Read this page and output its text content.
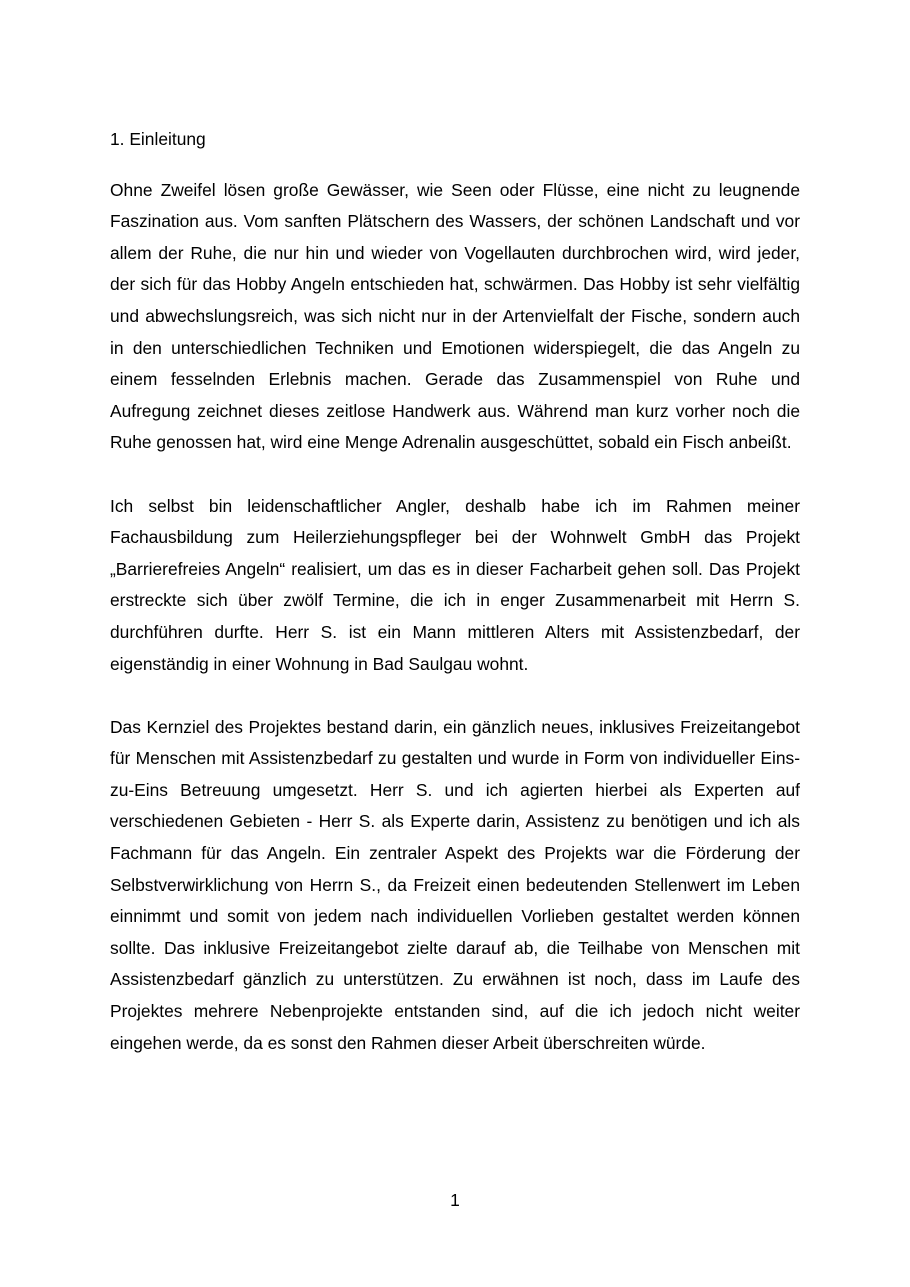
1. Einleitung

Ohne Zweifel lösen große Gewässer, wie Seen oder Flüsse, eine nicht zu leugnende Faszination aus. Vom sanften Plätschern des Wassers, der schönen Landschaft und vor allem der Ruhe, die nur hin und wieder von Vogellauten durchbrochen wird, wird jeder, der sich für das Hobby Angeln entschieden hat, schwärmen. Das Hobby ist sehr vielfältig und abwechslungsreich, was sich nicht nur in der Artenvielfalt der Fische, sondern auch in den unterschiedlichen Techniken und Emotionen widerspiegelt, die das Angeln zu einem fesselnden Erlebnis machen. Gerade das Zusammenspiel von Ruhe und Aufregung zeichnet dieses zeitlose Handwerk aus. Während man kurz vorher noch die Ruhe genossen hat, wird eine Menge Adrenalin ausgeschüttet, sobald ein Fisch anbeißt.

Ich selbst bin leidenschaftlicher Angler, deshalb habe ich im Rahmen meiner Fachausbildung zum Heilerziehungspfleger bei der Wohnwelt GmbH das Projekt „Barrierefreies Angeln“ realisiert, um das es in dieser Facharbeit gehen soll. Das Projekt erstreckte sich über zwölf Termine, die ich in enger Zusammenarbeit mit Herrn S. durchführen durfte. Herr S. ist ein Mann mittleren Alters mit Assistenzbedarf, der eigenständig in einer Wohnung in Bad Saulgau wohnt.

Das Kernziel des Projektes bestand darin, ein gänzlich neues, inklusives Freizeitangebot für Menschen mit Assistenzbedarf zu gestalten und wurde in Form von individueller Eins-zu-Eins Betreuung umgesetzt. Herr S. und ich agierten hierbei als Experten auf verschiedenen Gebieten - Herr S. als Experte darin, Assistenz zu benötigen und ich als Fachmann für das Angeln. Ein zentraler Aspekt des Projekts war die Förderung der Selbstverwirklichung von Herrn S., da Freizeit einen bedeutenden Stellenwert im Leben einnimmt und somit von jedem nach individuellen Vorlieben gestaltet werden können sollte. Das inklusive Freizeitangebot zielte darauf ab, die Teilhabe von Menschen mit Assistenzbedarf gänzlich zu unterstützen. Zu erwähnen ist noch, dass im Laufe des Projektes mehrere Nebenprojekte entstanden sind, auf die ich jedoch nicht weiter eingehen werde, da es sonst den Rahmen dieser Arbeit überschreiten würde.

1
